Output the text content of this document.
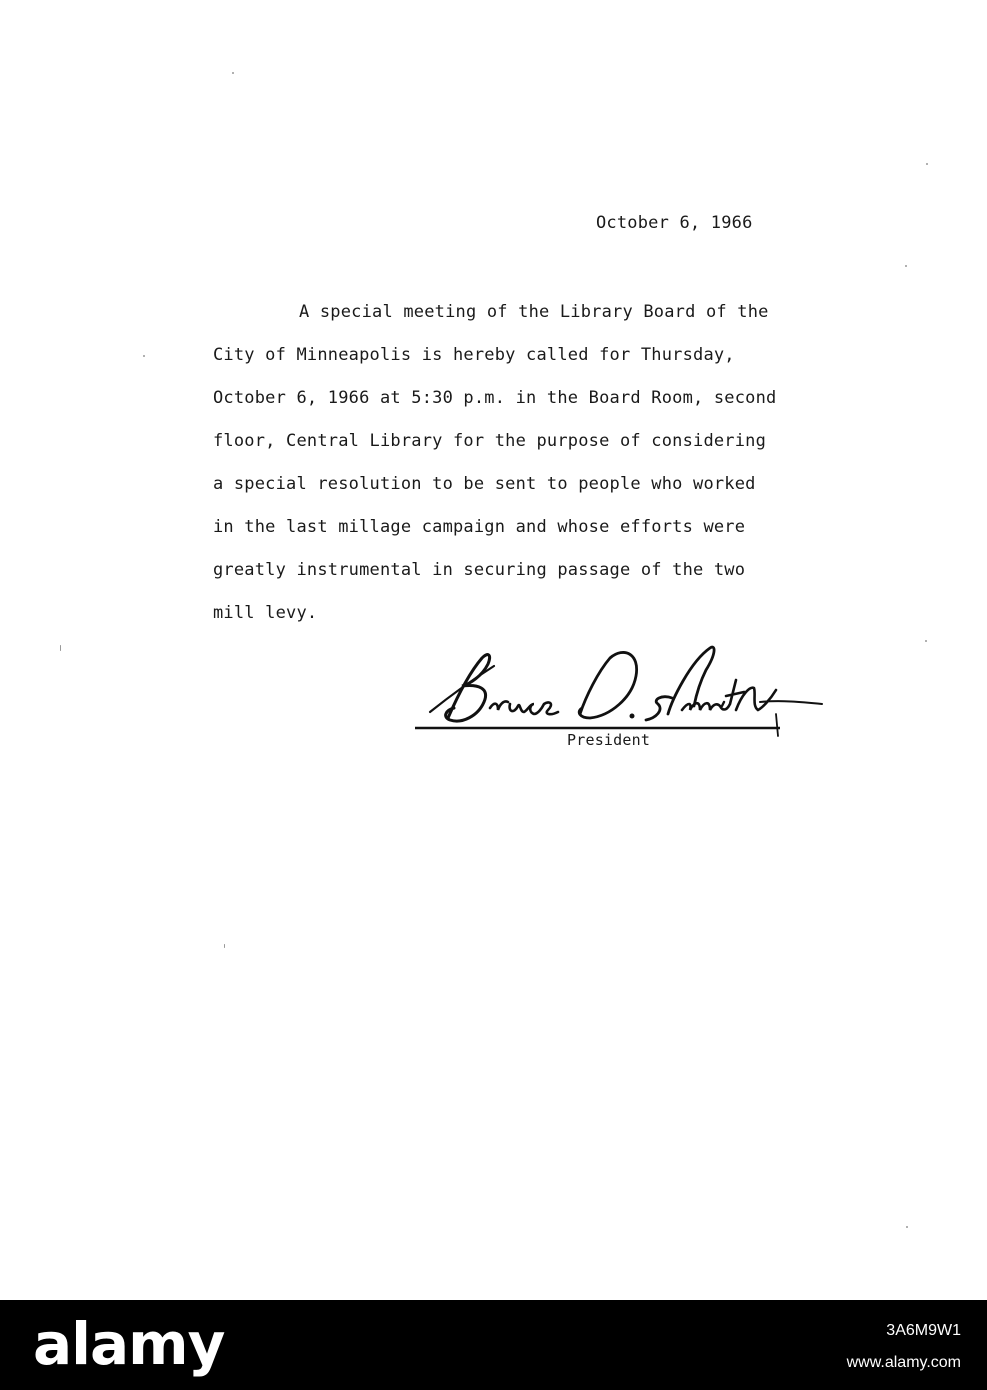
October 6, 1966
A special meeting of the Library Board of the
City of Minneapolis is hereby called for Thursday,
October 6, 1966 at 5:30 p.m. in the Board Room, second
floor, Central Library for the purpose of considering
a special resolution to be sent to people who worked
in the last millage campaign and whose efforts were
greatly instrumental in securing passage of the two
mill levy.
President
alamy	3A6M9W1
www.alamy.com
